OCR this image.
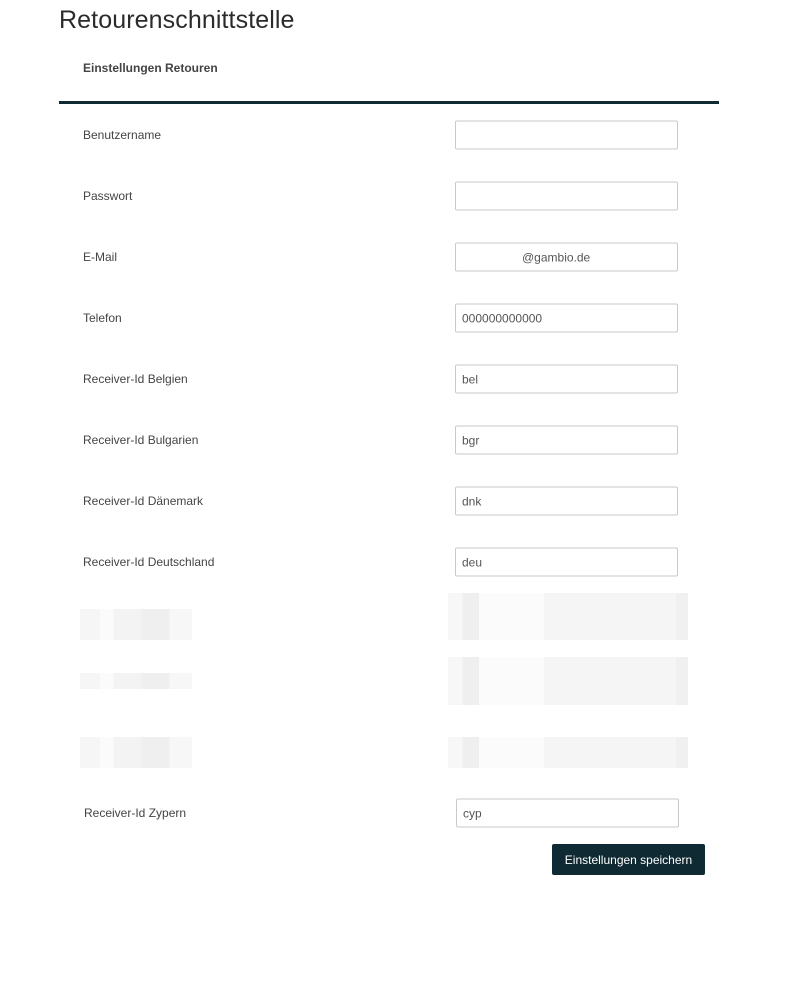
Retourenschnittstelle
Einstellungen Retouren
Benutzername
Passwort
E-Mail
@gambio.de
Telefon
000000000000
Receiver-Id Belgien
bel
Receiver-Id Bulgarien
bgr
Receiver-Id Dänemark
dnk
Receiver-Id Deutschland
deu
Receiver-Id Zypern
cyp
Einstellungen speichern
